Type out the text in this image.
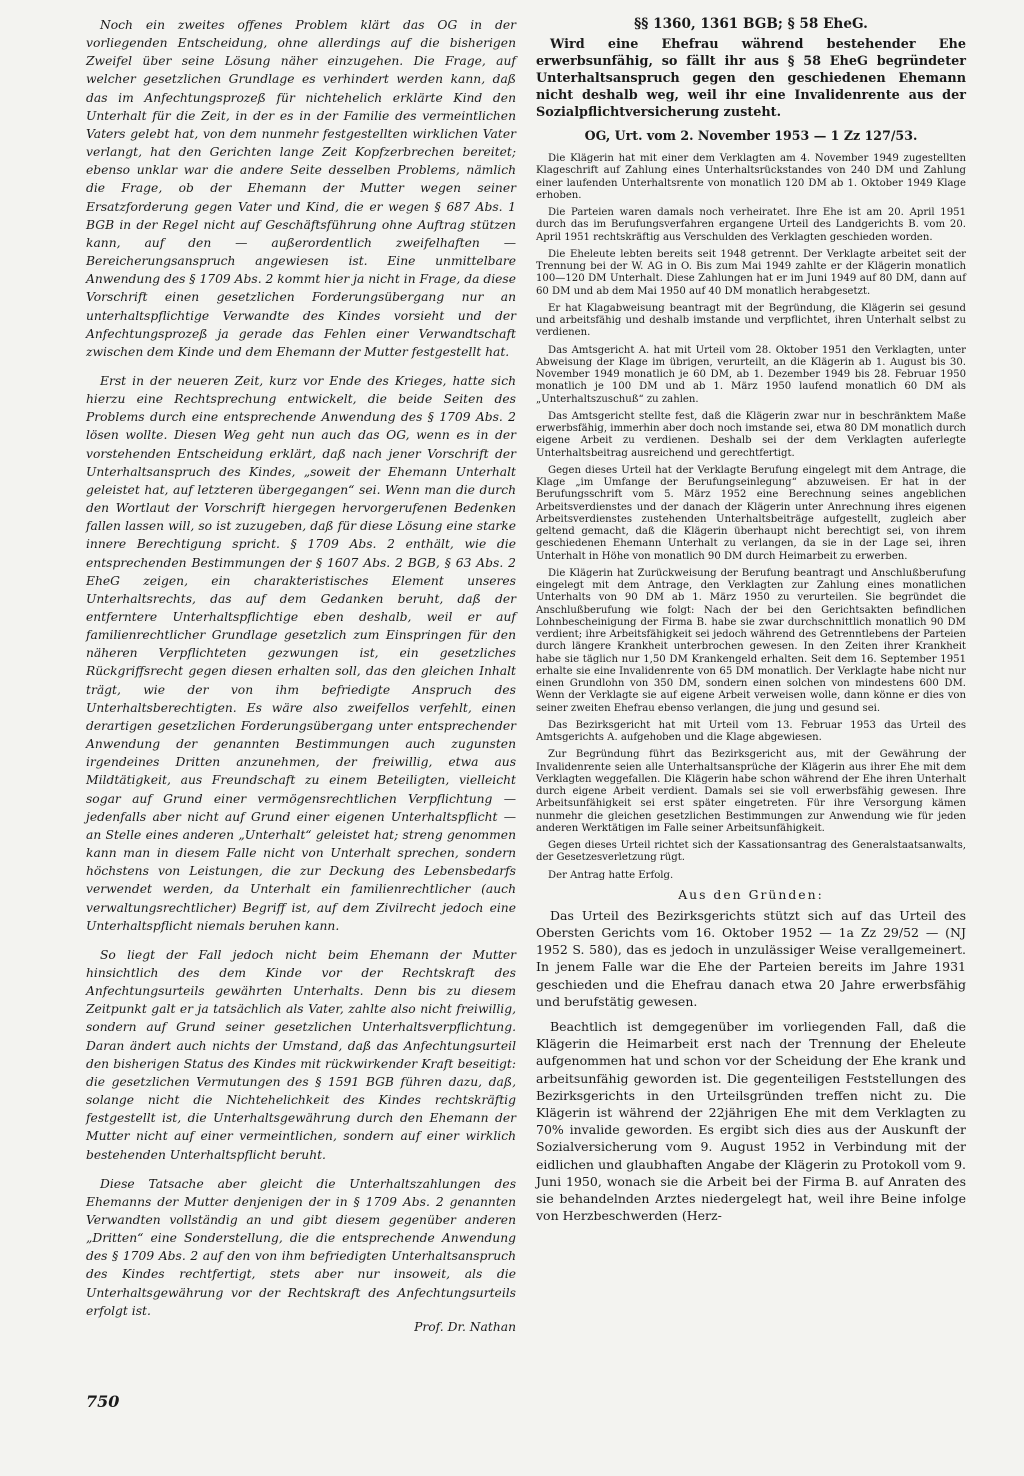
Noch ein zweites offenes Problem klärt das OG in der vorliegenden Entscheidung, ohne allerdings auf die bisherigen Zweifel über seine Lösung näher einzugehen. Die Frage, auf welcher gesetzlichen Grundlage es verhindert werden kann, daß das im Anfechtungsprozeß für nichtehelich erklärte Kind den Unterhalt für die Zeit, in der es in der Familie des vermeintlichen Vaters gelebt hat, von dem nunmehr festgestellten wirklichen Vater verlangt, hat den Gerichten lange Zeit Kopfzerbrechen bereitet; ebenso unklar war die andere Seite desselben Problems, nämlich die Frage, ob der Ehemann der Mutter wegen seiner Ersatzforderung gegen Vater und Kind, die er wegen § 687 Abs. 1 BGB in der Regel nicht auf Geschäftsführung ohne Auftrag stützen kann, auf den — außerordentlich zweifelhaften — Bereicherungsanspruch angewiesen ist. Eine unmittelbare Anwendung des § 1709 Abs. 2 kommt hier ja nicht in Frage, da diese Vorschrift einen gesetzlichen Forderungsübergang nur an unterhaltspflichtige Verwandte des Kindes vorsieht und der Anfechtungsprozeß ja gerade das Fehlen einer Verwandtschaft zwischen dem Kinde und dem Ehemann der Mutter festgestellt hat.

Erst in der neueren Zeit, kurz vor Ende des Krieges, hatte sich hierzu eine Rechtsprechung entwickelt, die beide Seiten des Problems durch eine entsprechende Anwendung des § 1709 Abs. 2 lösen wollte. Diesen Weg geht nun auch das OG, wenn es in der vorstehenden Entscheidung erklärt, daß nach jener Vorschrift der Unterhaltsanspruch des Kindes, „soweit der Ehemann Unterhalt geleistet hat, auf letzteren übergegangen“ sei. Wenn man die durch den Wortlaut der Vorschrift hiergegen hervorgerufenen Bedenken fallen lassen will, so ist zuzugeben, daß für diese Lösung eine starke innere Berechtigung spricht. § 1709 Abs. 2 enthält, wie die entsprechenden Bestimmungen der § 1607 Abs. 2 BGB, § 63 Abs. 2 EheG zeigen, ein charakteristisches Element unseres Unterhaltsrechts, das auf dem Gedanken beruht, daß der entferntere Unterhaltspflichtige eben deshalb, weil er auf familienrechtlicher Grundlage gesetzlich zum Einspringen für den näheren Verpflichteten gezwungen ist, ein gesetzliches Rückgriffsrecht gegen diesen erhalten soll, das den gleichen Inhalt trägt, wie der von ihm befriedigte Anspruch des Unterhaltsberechtigten. Es wäre also zweifellos verfehlt, einen derartigen gesetzlichen Forderungsübergang unter entsprechender Anwendung der genannten Bestimmungen auch zugunsten irgendeines Dritten anzunehmen, der freiwillig, etwa aus Mildtätigkeit, aus Freundschaft zu einem Beteiligten, vielleicht sogar auf Grund einer vermögensrechtlichen Verpflichtung — jedenfalls aber nicht auf Grund einer eigenen Unterhaltspflicht — an Stelle eines anderen „Unterhalt“ geleistet hat; streng genommen kann man in diesem Falle nicht von Unterhalt sprechen, sondern höchstens von Leistungen, die zur Deckung des Lebensbedarfs verwendet werden, da Unterhalt ein familienrechtlicher (auch verwaltungsrechtlicher) Begriff ist, auf dem Zivilrecht jedoch eine Unterhaltspflicht niemals beruhen kann.

So liegt der Fall jedoch nicht beim Ehemann der Mutter hinsichtlich des dem Kinde vor der Rechtskraft des Anfechtungsurteils gewährten Unterhalts. Denn bis zu diesem Zeitpunkt galt er ja tatsächlich als Vater, zahlte also nicht freiwillig, sondern auf Grund seiner gesetzlichen Unterhaltsverpflichtung. Daran ändert auch nichts der Umstand, daß das Anfechtungsurteil den bisherigen Status des Kindes mit rückwirkender Kraft beseitigt: die gesetzlichen Vermutungen des § 1591 BGB führen dazu, daß, solange nicht die Nichtehelichkeit des Kindes rechtskräftig festgestellt ist, die Unterhaltsgewährung durch den Ehemann der Mutter nicht auf einer vermeintlichen, sondern auf einer wirklich bestehenden Unterhaltspflicht beruht.

Diese Tatsache aber gleicht die Unterhaltszahlungen des Ehemanns der Mutter denjenigen der in § 1709 Abs. 2 genannten Verwandten vollständig an und gibt diesem gegenüber anderen „Dritten“ eine Sonderstellung, die die entsprechende Anwendung des § 1709 Abs. 2 auf den von ihm befriedigten Unterhaltsanspruch des Kindes rechtfertigt, stets aber nur insoweit, als die Unterhaltsgewährung vor der Rechtskraft des Anfechtungsurteils erfolgt ist.
Prof. Dr. Nathan

§§ 1360, 1361 BGB; § 58 EheG.
Wird eine Ehefrau während bestehender Ehe erwerbsunfähig, so fällt ihr aus § 58 EheG begründeter Unterhaltsanspruch gegen den geschiedenen Ehemann nicht deshalb weg, weil ihr eine Invalidenrente aus der Sozialpflichtversicherung zusteht.
OG, Urt. vom 2. November 1953 — 1 Zz 127/53.

Die Klägerin hat mit einer dem Verklagten am 4. November 1949 zugestellten Klageschrift auf Zahlung eines Unterhaltsrückstandes von 240 DM und Zahlung einer laufenden Unterhaltsrente von monatlich 120 DM ab 1. Oktober 1949 Klage erhoben.

Die Parteien waren damals noch verheiratet. Ihre Ehe ist am 20. April 1951 durch das im Berufungsverfahren ergangene Urteil des Landgerichts B. vom 20. April 1951 rechtskräftig aus Verschulden des Verklagten geschieden worden.

Die Eheleute lebten bereits seit 1948 getrennt. Der Verklagte arbeitet seit der Trennung bei der W. AG in O. Bis zum Mai 1949 zahlte er der Klägerin monatlich 100—120 DM Unterhalt. Diese Zahlungen hat er im Juni 1949 auf 80 DM, dann auf 60 DM und ab dem Mai 1950 auf 40 DM monatlich herabgesetzt.

Er hat Klagabweisung beantragt mit der Begründung, die Klägerin sei gesund und arbeitsfähig und deshalb imstande und verpflichtet, ihren Unterhalt selbst zu verdienen.

Das Amtsgericht A. hat mit Urteil vom 28. Oktober 1951 den Verklagten, unter Abweisung der Klage im übrigen, verurteilt, an die Klägerin ab 1. August bis 30. November 1949 monatlich je 60 DM, ab 1. Dezember 1949 bis 28. Februar 1950 monatlich je 100 DM und ab 1. März 1950 laufend monatlich 60 DM als „Unterhaltszuschuß“ zu zahlen.

Das Amtsgericht stellte fest, daß die Klägerin zwar nur in beschränktem Maße erwerbsfähig, immerhin aber doch noch imstande sei, etwa 80 DM monatlich durch eigene Arbeit zu verdienen. Deshalb sei der dem Verklagten auferlegte Unterhaltsbeitrag ausreichend und gerechtfertigt.

Gegen dieses Urteil hat der Verklagte Berufung eingelegt mit dem Antrage, die Klage „im Umfange der Berufungseinlegung“ abzuweisen. Er hat in der Berufungsschrift vom 5. März 1952 eine Berechnung seines angeblichen Arbeitsverdienstes und der danach der Klägerin unter Anrechnung ihres eigenen Arbeitsverdienstes zustehenden Unterhaltsbeiträge aufgestellt, zugleich aber geltend gemacht, daß die Klägerin überhaupt nicht berechtigt sei, von ihrem geschiedenen Ehemann Unterhalt zu verlangen, da sie in der Lage sei, ihren Unterhalt in Höhe von monatlich 90 DM durch Heimarbeit zu erwerben.

Die Klägerin hat Zurückweisung der Berufung beantragt und Anschlußberufung eingelegt mit dem Antrage, den Verklagten zur Zahlung eines monatlichen Unterhalts von 90 DM ab 1. März 1950 zu verurteilen. Sie begründet die Anschlußberufung wie folgt: Nach der bei den Gerichtsakten befindlichen Lohnbescheinigung der Firma B. habe sie zwar durchschnittlich monatlich 90 DM verdient; ihre Arbeitsfähigkeit sei jedoch während des Getrenntlebens der Parteien durch längere Krankheit unterbrochen gewesen. In den Zeiten ihrer Krankheit habe sie täglich nur 1,50 DM Krankengeld erhalten. Seit dem 16. September 1951 erhalte sie eine Invalidenrente von 65 DM monatlich. Der Verklagte habe nicht nur einen Grundlohn von 350 DM, sondern einen solchen von mindestens 600 DM. Wenn der Verklagte sie auf eigene Arbeit verweisen wolle, dann könne er dies von seiner zweiten Ehefrau ebenso verlangen, die jung und gesund sei.

Das Bezirksgericht hat mit Urteil vom 13. Februar 1953 das Urteil des Amtsgerichts A. aufgehoben und die Klage abgewiesen.

Zur Begründung führt das Bezirksgericht aus, mit der Gewährung der Invalidenrente seien alle Unterhaltsansprüche der Klägerin aus ihrer Ehe mit dem Verklagten weggefallen. Die Klägerin habe schon während der Ehe ihren Unterhalt durch eigene Arbeit verdient. Damals sei sie voll erwerbsfähig gewesen. Ihre Arbeitsunfähigkeit sei erst später eingetreten. Für ihre Versorgung kämen nunmehr die gleichen gesetzlichen Bestimmungen zur Anwendung wie für jeden anderen Werktätigen im Falle seiner Arbeitsunfähigkeit.

Gegen dieses Urteil richtet sich der Kassationsantrag des Generalstaatsanwalts, der Gesetzesverletzung rügt.

Der Antrag hatte Erfolg.

Aus den Gründen:

Das Urteil des Bezirksgerichts stützt sich auf das Urteil des Obersten Gerichts vom 16. Oktober 1952 — 1a Zz 29/52 — (NJ 1952 S. 580), das es jedoch in unzulässiger Weise verallgemeinert. In jenem Falle war die Ehe der Parteien bereits im Jahre 1931 geschieden und die Ehefrau danach etwa 20 Jahre erwerbsfähig und berufstätig gewesen.

Beachtlich ist demgegenüber im vorliegenden Fall, daß die Klägerin die Heimarbeit erst nach der Trennung der Eheleute aufgenommen hat und schon vor der Scheidung der Ehe krank und arbeitsunfähig geworden ist. Die gegenteiligen Feststellungen des Bezirksgerichts in den Urteilsgründen treffen nicht zu. Die Klägerin ist während der 22jährigen Ehe mit dem Verklagten zu 70% invalide geworden. Es ergibt sich dies aus der Auskunft der Sozialversicherung vom 9. August 1952 in Verbindung mit der eidlichen und glaubhaften Angabe der Klägerin zu Protokoll vom 9. Juni 1950, wonach sie die Arbeit bei der Firma B. auf Anraten des sie behandelnden Arztes niedergelegt hat, weil ihre Beine infolge von Herzbeschwerden (Herz-

750
